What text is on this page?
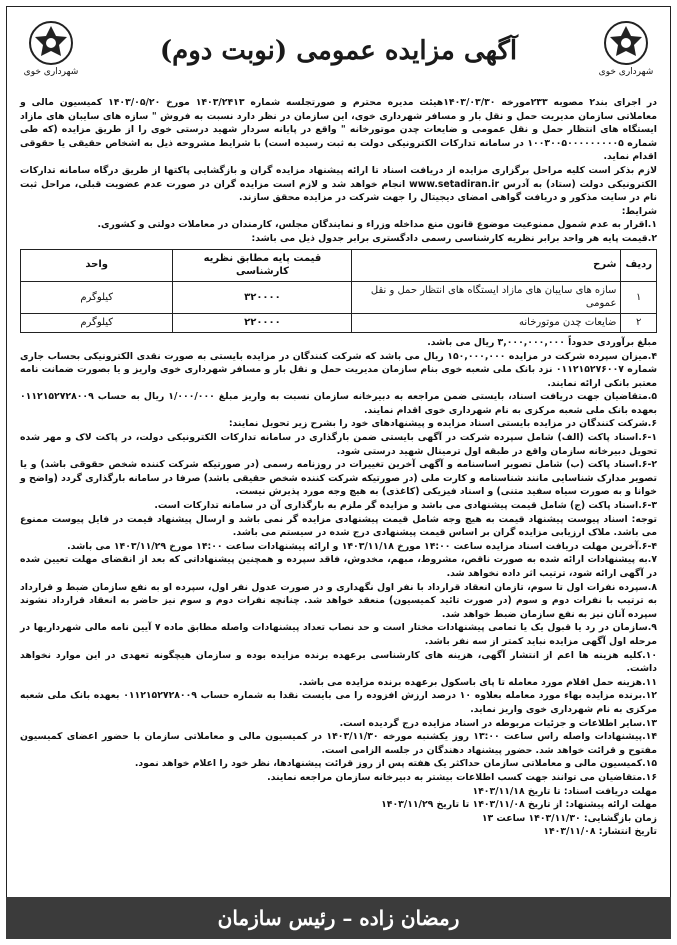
شهرداری خوی
آگهی مزایده عمومی (نوبت دوم)
شهرداری خوی

در اجرای بند۲ مصوبه ۲۳۳مورخه ۱۴۰۳/۰۳/۳۰هیئت مدیره محترم و صورتجلسه شماره ۱۴۰۳/۲۴۱۳ مورخ ۱۴۰۳/۰۵/۲۰ کمیسیون مالی و معاملاتی سازمان مدیریت حمل و نقل بار و مسافر شهرداری خوی، این سازمان در نظر دارد نسبت به فروش " سازه های سایبان های مازاد ایستگاه های انتظار حمل و نقل عمومی و ضایعات چدن موتورخانه " واقع در پایانه سردار شهید درستی خوی را از طریق مزایده (که طی شماره ۱۰۰۳۰۰۵۰۰۰۰۰۰۰۰۰۵ در سامانه تدارکات الکترونیکی دولت به ثبت رسیده است) با شرایط مشروحه ذیل به اشخاص حقیقی یا حقوقی اقدام نماید.

لازم بذکر است کلیه مراحل برگزاری مزایده از دریافت اسناد تا ارائه پیشنهاد مزایده گران و بازگشایی پاکتها از طریق درگاه سامانه تدارکات الکترونیکی دولت (ستاد) به آدرس www.setadiran.ir انجام خواهد شد و لازم است مزایده گران در صورت عدم عضویت قبلی، مراحل ثبت نام در سایت مذکور و دریافت گواهی امضای دیجیتال را جهت شرکت در مزایده محقق سازند.

شرایط:

۱.اقرار به عدم شمول ممنوعیت موضوع قانون منع مداخله وزراء و نمایندگان مجلس، کارمندان در معاملات دولتی و کشوری.

۲.قیمت پایه هر واحد برابر نظریه کارشناسی رسمی دادگستری برابر جدول ذیل می باشد:

ردیف	شرح	قیمت پایه مطابق نظریه کارشناسی	واحد
۱	سازه های سایبان های مازاد ایستگاه های انتظار حمل و نقل عمومی	۳۲۰۰۰۰	کیلوگرم
۲	ضایعات چدن موتورخانه	۲۲۰۰۰۰	کیلوگرم

مبلغ برآوردی حدوداً ۳,۰۰۰,۰۰۰,۰۰۰ ریال می باشد.

۴.میزان سپرده شرکت در مزایده ۱۵۰,۰۰۰,۰۰۰ ریال می باشد که شرکت کنندگان در مزایده بایستی به صورت نقدی الکترونیکی بحساب جاری شماره ۰۱۱۲۱۵۲۷۶۰۰۷ نزد بانک ملی شعبه خوی بنام سازمان مدیریت حمل و نقل بار و مسافر شهرداری خوی واریز و یا بصورت ضمانت نامه معتبر بانکی ارائه نمایند.

۵.متقاضیان جهت دریافت اسناد، بایستی ضمن مراجعه به دبیرخانه سازمان نسبت به واریز مبلغ ۱/۰۰۰/۰۰۰ ریال به حساب ۰۱۱۲۱۵۲۷۲۸۰۰۹ بعهده بانک ملی شعبه مرکزی به نام شهرداری خوی اقدام نمایند.

۶.شرکت کنندگان در مزایده بایستی اسناد مزایده و پیشنهادهای خود را بشرح زیر تحویل نمایند:

۶-۱.اسناد پاکت (الف) شامل سپرده شرکت در آگهی بایستی ضمن بارگذاری در سامانه تدارکات الکترونیکی دولت، در پاکت لاک و مهر شده تحویل دبیرخانه سازمان واقع در طبقه اول ترمینال شهید درستی شود.

۶-۲.اسناد پاکت (ب) شامل تصویر اساسنامه و آگهی آخرین تغییرات در روزنامه رسمی (در صورتیکه شرکت کننده شخص حقوقی باشد) و یا تصویر مدارک شناسایی مانند شناسنامه و کارت ملی (در صورتیکه شرکت کننده شخص حقیقی باشد) صرفا در سامانه بارگذاری گردد (واضح و خوانا و به صورت سیاه سفید متنی) و اسناد فیزیکی (کاغذی) به هیچ وجه مورد پذیرش نیست.

۶-۳.اسناد پاکت (ج) شامل قیمت پیشنهادی می باشد و مزایده گر ملزم به بارگذاری آن در سامانه تدارکات است.

توجه: اسناد پیوست پیشنهاد قیمت به هیچ وجه شامل قیمت پیشنهادی مزایده گر نمی باشد و ارسال پیشنهاد قیمت در فایل پیوست ممنوع می باشد. ملاک ارزیابی مزایده گران بر اساس قیمت پیشنهادی درج شده در سیستم می باشد.

۶-۴.آخرین مهلت دریافت اسناد مزایده ساعت ۱۴:۰۰ مورخ ۱۴۰۳/۱۱/۱۸ و ارائه پیشنهادات ساعت ۱۴:۰۰ مورخ ۱۴۰۳/۱۱/۲۹ می باشد.

۷.به پیشنهادات ارائه شده به صورت ناقص، مشروط، مبهم، مخدوش، فاقد سپرده و همچنین پیشنهاداتی که بعد از انقضای مهلت تعیین شده در آگهی ارائه شود، ترتیب اثر داده نخواهد شد.

۸.سپرده نفرات اول تا سوم، تازمان انعقاد قرارداد با نفر اول نگهداری و در صورت عدول نفر اول، سپرده او به نفع سازمان ضبط و قرارداد به ترتیب با نفرات دوم و سوم (در صورت تائید کمیسیون) منعقد خواهد شد. چنانچه نفرات دوم و سوم نیز حاضر به انعقاد قرارداد نشوند سپرده آنان نیز به نفع سازمان ضبط خواهد شد.

۹.سازمان در رد یا قبول یک یا تمامی پیشنهادات مختار است و حد نصاب تعداد پیشنهادات واصله مطابق ماده ۷ آیین نامه مالی شهرداریها در مرحله اول آگهی مزایده نباید کمتر از سه نفر باشد.

۱۰.کلیه هزینه ها اعم از انتشار آگهی، هزینه های کارشناسی برعهده برنده مزایده بوده و سازمان هیچگونه تعهدی در این موارد نخواهد داشت.

۱۱.هزینه حمل اقلام مورد معامله تا پای باسکول برعهده برنده مزایده می باشد.

۱۲.برنده مزایده بهاء مورد معامله بعلاوه ۱۰ درصد ارزش افزوده را می بایست نقدا به شماره حساب ۰۱۱۲۱۵۲۷۲۸۰۰۹ بعهده بانک ملی شعبه مرکزی به نام شهرداری خوی واریز نماید.

۱۳.سایر اطلاعات و جزئیات مربوطه در اسناد مزایده درج گردیده است.

۱۴.پیشنهادات واصله راس ساعت ۱۳:۰۰ روز یکشنبه مورخه ۱۴۰۳/۱۱/۳۰ در کمیسیون مالی و معاملاتی سازمان با حضور اعضای کمیسیون مفتوح و قرائت خواهد شد. حضور پیشنهاد دهندگان در جلسه الزامی است.

۱۵.کمیسیون مالی و معاملاتی سازمان حداکثر یک هفته پس از روز قرائت پیشنهادها، نظر خود را اعلام خواهد نمود.

۱۶.متقاضیان می توانند جهت کسب اطلاعات بیشتر به دبیرخانه سازمان مراجعه نمایند.

مهلت دریافت اسناد: تا تاریخ ۱۴۰۳/۱۱/۱۸

مهلت ارائه پیشنهاد: از تاریخ ۱۴۰۳/۱۱/۰۸ تا تاریخ ۱۴۰۳/۱۱/۲۹

زمان بازگشایی: ۱۴۰۳/۱۱/۳۰ ساعت ۱۳

تاریخ انتشار: ۱۴۰۳/۱۱/۰۸

رمضان زاده – رئیس سازمان
